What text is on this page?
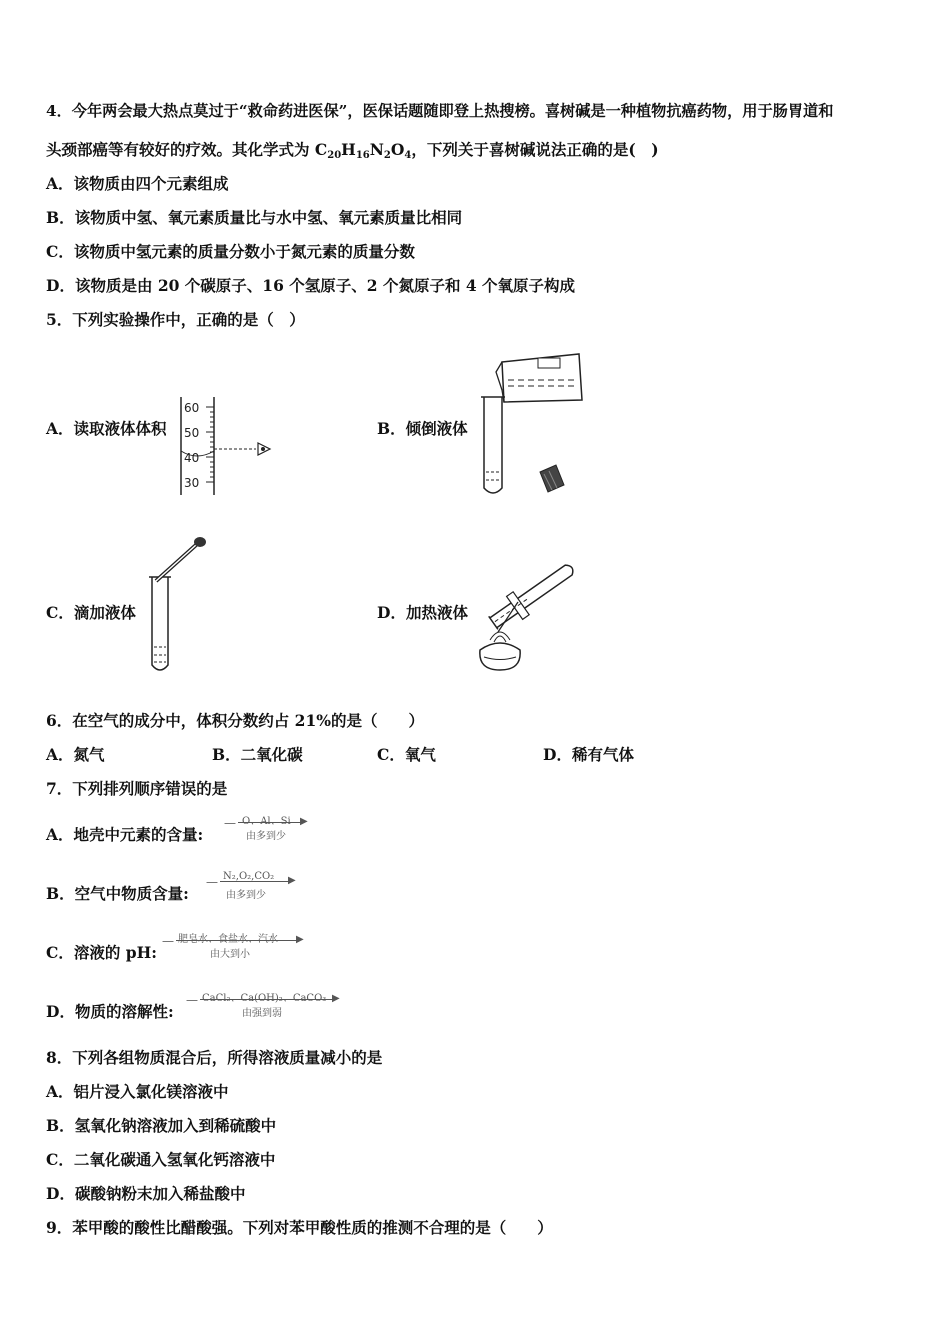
4．今年两会最大热点莫过于“救命药进医保”，医保话题随即登上热搜榜。喜树碱是一种植物抗癌药物，用于肠胃道和
头颈部癌等有较好的疗效。其化学式为 $C_{20}H_{16}N_2O_4$，下列关于喜树碱说法正确的是(　)
A．该物质由四个元素组成
B．该物质中氢、氧元素质量比与水中氢、氧元素质量比相同
C．该物质中氢元素的质量分数小于氮元素的质量分数
D．该物质是由 20 个碳原子、16 个氢原子、2 个氮原子和 4 个氧原子构成
5．下列实验操作中，正确的是（　）
A．读取液体体积
60
50
40
30
B．倾倒液体
C．滴加液体	D．加热液体
6．在空气的成分中，体积分数约占 21%的是（　　）
A．氮气	B．二氧化碳	C．氧气	D．稀有气体
7．下列排列顺序错误的是
A．地壳中元素的含量:
— O、Al、Si ▶
由多到少
B．空气中物质含量:
— N₂,O₂,CO₂ ▶
由多到少
C．溶液的 pH:
— 肥皂水、食盐水、汽水 ▶
由大到小
D．物质的溶解性:
— CaCl₂、Ca(OH)₂、CaCO₃ ▶
由强到弱
8．下列各组物质混合后，所得溶液质量减小的是
A．铝片浸入氯化镁溶液中
B．氢氧化钠溶液加入到稀硫酸中
C．二氧化碳通入氢氧化钙溶液中
D．碳酸钠粉末加入稀盐酸中
9．苯甲酸的酸性比醋酸强。下列对苯甲酸性质的推测不合理的是（　　）
